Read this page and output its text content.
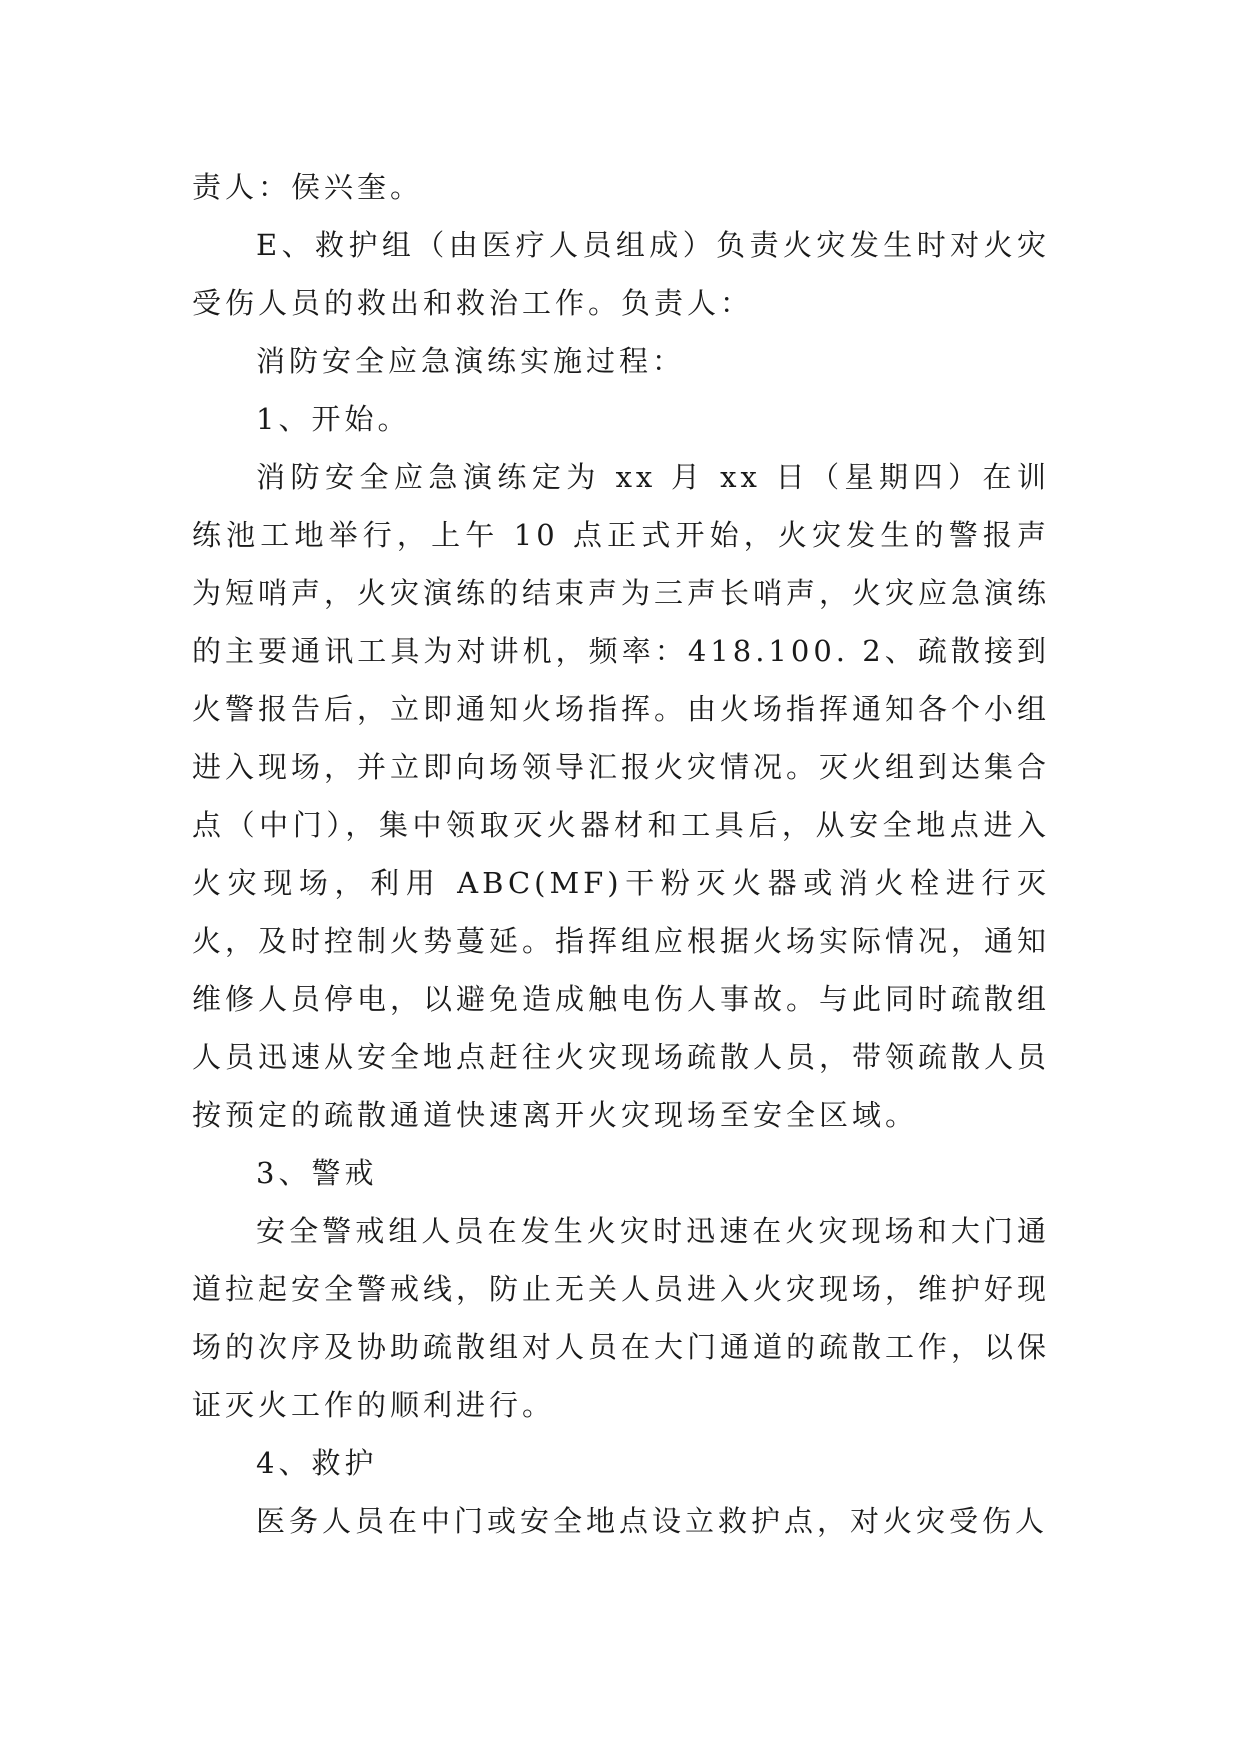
责人：侯兴奎。

E、救护组（由医疗人员组成）负责火灾发生时对火灾受伤人员的救出和救治工作。负责人：

消防安全应急演练实施过程：

1、开始。

消防安全应急演练定为 xx 月 xx 日（星期四）在训练池工地举行，上午 10 点正式开始，火灾发生的警报声为短哨声，火灾演练的结束声为三声长哨声，火灾应急演练的主要通讯工具为对讲机，频率：418.100. 2、疏散接到火警报告后，立即通知火场指挥。由火场指挥通知各个小组进入现场，并立即向场领导汇报火灾情况。灭火组到达集合点（中门），集中领取灭火器材和工具后，从安全地点进入火灾现场，利用 ABC(MF)干粉灭火器或消火栓进行灭火，及时控制火势蔓延。指挥组应根据火场实际情况，通知维修人员停电，以避免造成触电伤人事故。与此同时疏散组人员迅速从安全地点赶往火灾现场疏散人员，带领疏散人员按预定的疏散通道快速离开火灾现场至安全区域。

3、警戒

安全警戒组人员在发生火灾时迅速在火灾现场和大门通道拉起安全警戒线，防止无关人员进入火灾现场，维护好现场的次序及协助疏散组对人员在大门通道的疏散工作，以保证灭火工作的顺利进行。

4、救护

医务人员在中门或安全地点设立救护点，对火灾受伤人
